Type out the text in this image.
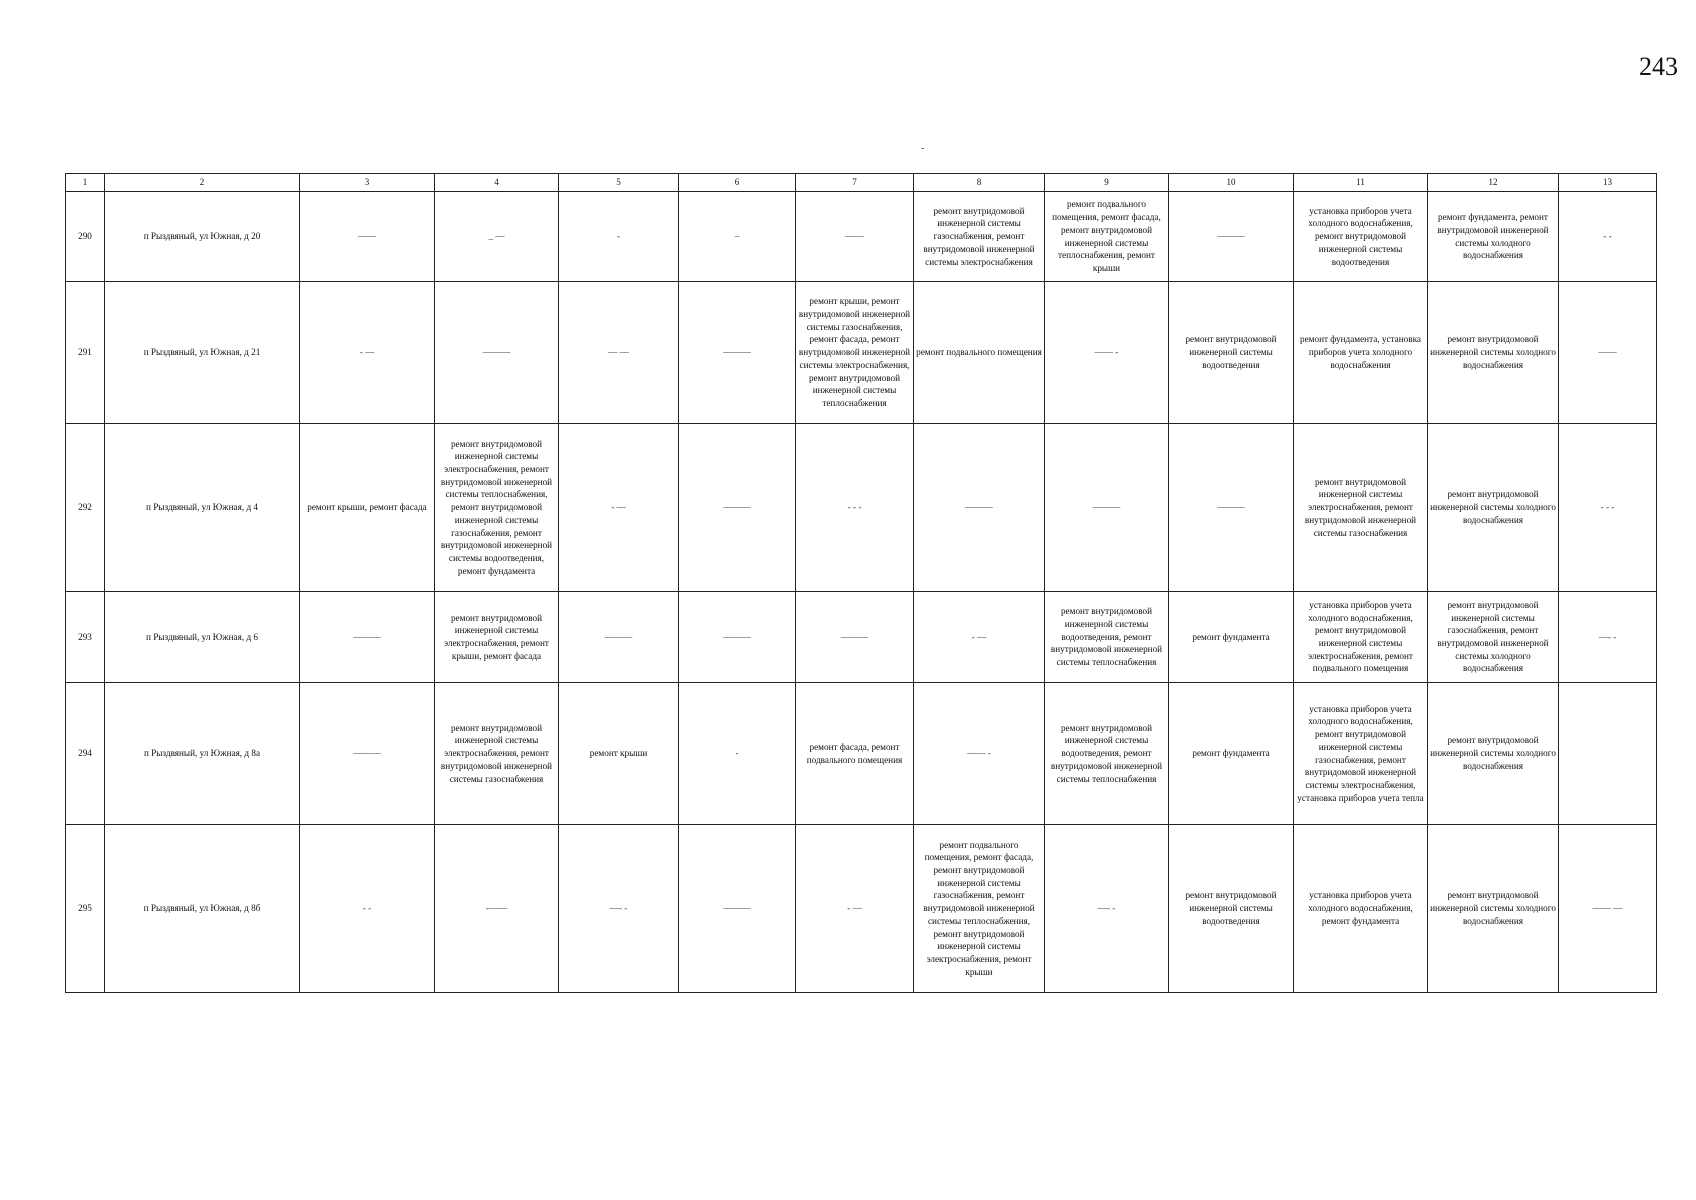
243
-
1	2	3	4	5	6	7	8	9	10	11	12	13
290	п Рыздвяный, ул Южная, д 20	——	_ —	-	–	——	ремонт внутридомовой инженерной системы газоснабжения, ремонт внутридомовой инженерной системы электроснабжения	ремонт подвального помещения, ремонт фасада, ремонт внутридомовой инженерной системы теплоснабжения, ремонт крыши	———	установка приборов учета холодного водоснабжения, ремонт внутридомовой инженерной системы водоотведения	ремонт фундамента, ремонт внутридомовой инженерной системы холодного водоснабжения	- -
291	п Рыздвяный, ул Южная, д 21	- —	———	— —	———	ремонт крыши, ремонт внутридомовой инженерной системы газоснабжения, ремонт фасада, ремонт внутридомовой инженерной системы электроснабжения, ремонт внутридомовой инженерной системы теплоснабжения	ремонт подвального помещения	—— -	ремонт внутридомовой инженерной системы водоотведения	ремонт фундамента, установка приборов учета холодного водоснабжения	ремонт внутридомовой инженерной системы холодного водоснабжения	——
292	п Рыздвяный, ул Южная, д 4	ремонт крыши, ремонт фасада	ремонт внутридомовой инженерной системы электроснабжения, ремонт внутридомовой инженерной системы теплоснабжения, ремонт внутридомовой инженерной системы газоснабжения, ремонт внутридомовой инженерной системы водоотведения, ремонт фундамента	- —	———	- - -	———	———	———	ремонт внутридомовой инженерной системы электроснабжения, ремонт внутридомовой инженерной системы газоснабжения	ремонт внутридомовой инженерной системы холодного водоснабжения	- - -
293	п Рыздвяный, ул Южная, д 6	———	ремонт внутридомовой инженерной системы электроснабжения, ремонт крыши, ремонт фасада	———	———	———	- —	ремонт внутридомовой инженерной системы водоотведения, ремонт внутридомовой инженерной системы теплоснабжения	ремонт фундамента	установка приборов учета холодного водоснабжения, ремонт внутридомовой инженерной системы электроснабжения, ремонт подвального помещения	ремонт внутридомовой инженерной системы газоснабжения, ремонт внутридомовой инженерной системы холодного водоснабжения	—- -
294	п Рыздвяный, ул Южная, д 8а	———	ремонт внутридомовой инженерной системы электроснабжения, ремонт внутридомовой инженерной системы газоснабжения	ремонт крыши	-	ремонт фасада, ремонт подвального помещения	—— -	ремонт внутридомовой инженерной системы водоотведения, ремонт внутридомовой инженерной системы теплоснабжения	ремонт фундамента	установка приборов учета холодного водоснабжения, ремонт внутридомовой инженерной системы газоснабжения, ремонт внутридомовой инженерной системы электроснабжения, установка приборов учета тепла	ремонт внутридомовой инженерной системы холодного водоснабжения	
295	п Рыздвяный, ул Южная, д 8б	- -	-——	—- -	———	- —	ремонт подвального помещения, ремонт фасада, ремонт внутридомовой инженерной системы газоснабжения, ремонт внутридомовой инженерной системы теплоснабжения, ремонт внутридомовой инженерной системы электроснабжения, ремонт крыши	—- -	ремонт внутридомовой инженерной системы водоотведения	установка приборов учета холодного водоснабжения, ремонт фундамента	ремонт внутридомовой инженерной системы холодного водоснабжения	—— —
